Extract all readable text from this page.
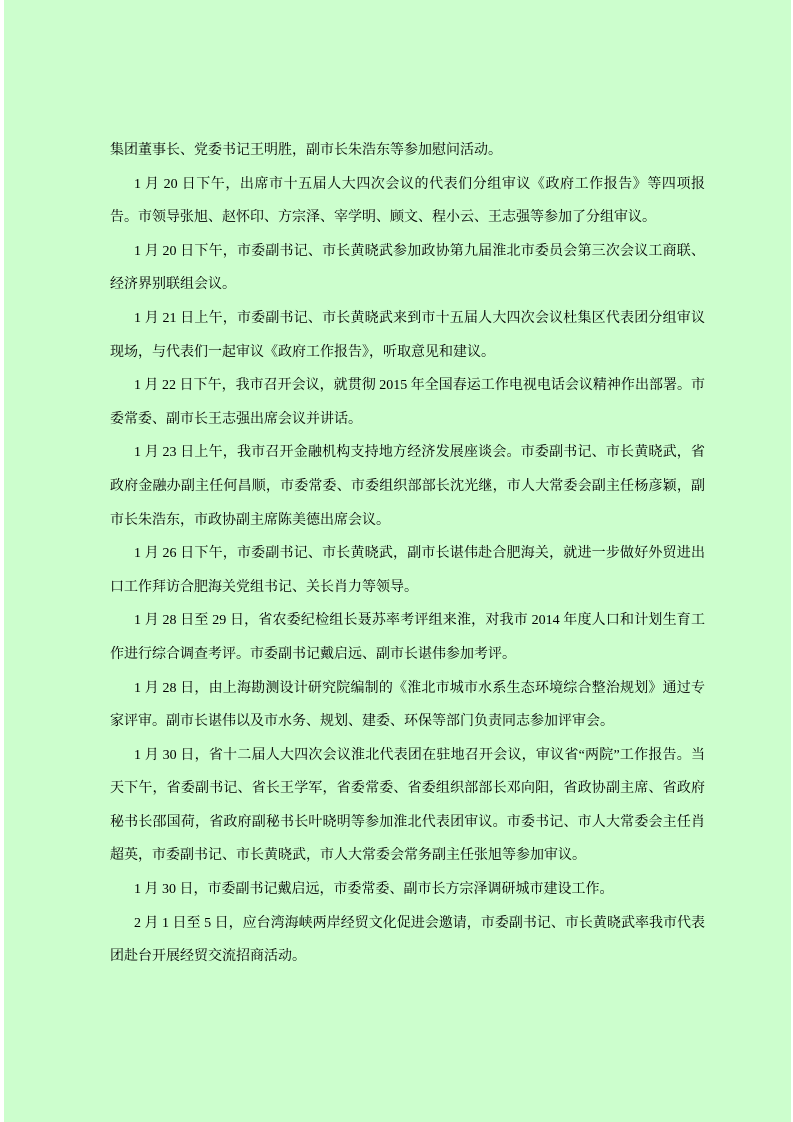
集团董事长、党委书记王明胜，副市长朱浩东等参加慰问活动。

1 月 20 日下午，出席市十五届人大四次会议的代表们分组审议《政府工作报告》等四项报告。市领导张旭、赵怀印、方宗泽、宰学明、顾文、程小云、王志强等参加了分组审议。

1 月 20 日下午，市委副书记、市长黄晓武参加政协第九届淮北市委员会第三次会议工商联、经济界别联组会议。

1 月 21 日上午，市委副书记、市长黄晓武来到市十五届人大四次会议杜集区代表团分组审议现场，与代表们一起审议《政府工作报告》，听取意见和建议。

1 月 22 日下午，我市召开会议，就贯彻 2015 年全国春运工作电视电话会议精神作出部署。市委常委、副市长王志强出席会议并讲话。

1 月 23 日上午，我市召开金融机构支持地方经济发展座谈会。市委副书记、市长黄晓武，省政府金融办副主任何昌顺，市委常委、市委组织部部长沈光继，市人大常委会副主任杨彦颖，副市长朱浩东，市政协副主席陈美德出席会议。

1 月 26 日下午，市委副书记、市长黄晓武，副市长谌伟赴合肥海关，就进一步做好外贸进出口工作拜访合肥海关党组书记、关长肖力等领导。

1 月 28 日至 29 日，省农委纪检组长聂苏率考评组来淮，对我市 2014 年度人口和计划生育工作进行综合调查考评。市委副书记戴启远、副市长谌伟参加考评。

1 月 28 日，由上海勘测设计研究院编制的《淮北市城市水系生态环境综合整治规划》通过专家评审。副市长谌伟以及市水务、规划、建委、环保等部门负责同志参加评审会。

1 月 30 日，省十二届人大四次会议淮北代表团在驻地召开会议，审议省“两院”工作报告。当天下午，省委副书记、省长王学军，省委常委、省委组织部部长邓向阳，省政协副主席、省政府秘书长邵国荷，省政府副秘书长叶晓明等参加淮北代表团审议。市委书记、市人大常委会主任肖超英，市委副书记、市长黄晓武，市人大常委会常务副主任张旭等参加审议。

1 月 30 日，市委副书记戴启远，市委常委、副市长方宗泽调研城市建设工作。

2 月 1 日至 5 日，应台湾海峡两岸经贸文化促进会邀请，市委副书记、市长黄晓武率我市代表团赴台开展经贸交流招商活动。
